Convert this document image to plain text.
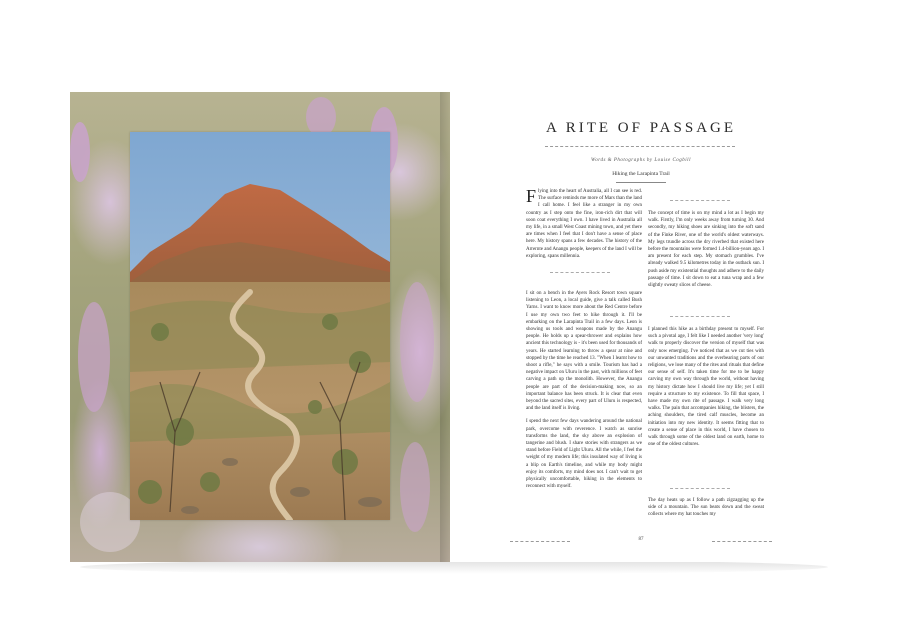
A RITE OF PASSAGE
Words & Photographs by Louise Cogbill
Hiking the Larapinta Trail

Flying into the heart of Australia, all I can see is red. The surface reminds me more of Mars than the land I call home. I feel like a stranger in my own country as I step onto the fine, iron-rich dirt that will soon coat everything I own. I have lived in Australia all my life, in a small West Coast mining town, and yet there are times when I feel that I don't have a sense of place here. My history spans a few decades. The history of the Arrernte and Anangu people, keepers of the land I will be exploring, spans millennia.

I sit on a bench in the Ayers Rock Resort town square listening to Leon, a local guide, give a talk called Bush Yarns. I want to know more about the Red Centre before I use my own two feet to hike through it. I'll be embarking on the Larapinta Trail in a few days. Leon is showing us tools and weapons made by the Anangu people. He holds up a spear-thrower and explains how ancient this technology is - it's been used for thousands of years. He started learning to throw a spear at nine and stopped by the time he reached 13. "When I learnt how to shoot a rifle," he says with a smile. Tourism has had a negative impact on Uluru in the past, with millions of feet carving a path up the monolith. However, the Anangu people are part of the decision-making now, so an important balance has been struck. It is clear that even beyond the sacred sites, every part of Uluru is respected, and the land itself is living.

I spend the next few days wandering around the national park, overcome with reverence. I watch as sunrise transforms the land, the sky above an explosion of tangerine and blush. I share stories with strangers as we stand before Field of Light Uluru. All the while, I feel the weight of my modern life; this insulated way of living is a blip on Earth's timeline, and while my body might enjoy its comforts, my mind does not. I can't wait to get physically uncomfortable, hiking in the elements to reconnect with myself.

The concept of time is on my mind a lot as I begin my walk. Firstly, I'm only weeks away from turning 30. And secondly, my hiking shoes are sinking into the soft sand of the Finke River, one of the world's oldest waterways. My legs trundle across the dry riverbed that existed here before the mountains were formed 1.4-billion-years ago. I am present for each step. My stomach grumbles. I've already walked 9.5 kilometres today in the outback sun. I push aside my existential thoughts and adhere to the daily passage of time. I sit down to eat a tuna wrap and a few slightly sweaty slices of cheese.

I planned this hike as a birthday present to myself. For such a pivotal age, I felt like I needed another 'very long' walk to properly discover the version of myself that was only now emerging. I've noticed that as we cut ties with our unwanted traditions and the overbearing parts of our religions, we lose many of the rites and rituals that define our sense of self. It's taken time for me to be happy carving my own way through the world, without having my history dictate how I should live my life; yet I still require a structure to my existence. To fill that space, I have made my own rite of passage. I walk very long walks. The pain that accompanies hiking, the blisters, the aching shoulders, the tired calf muscles, become an initiation into my new identity. It seems fitting that to create a sense of place in this world, I have chosen to walk through some of the oldest land on earth, home to one of the oldest cultures.

The day heats up as I follow a path zigzagging up the side of a mountain. The sun beats down and the sweat collects where my hat touches my

87
